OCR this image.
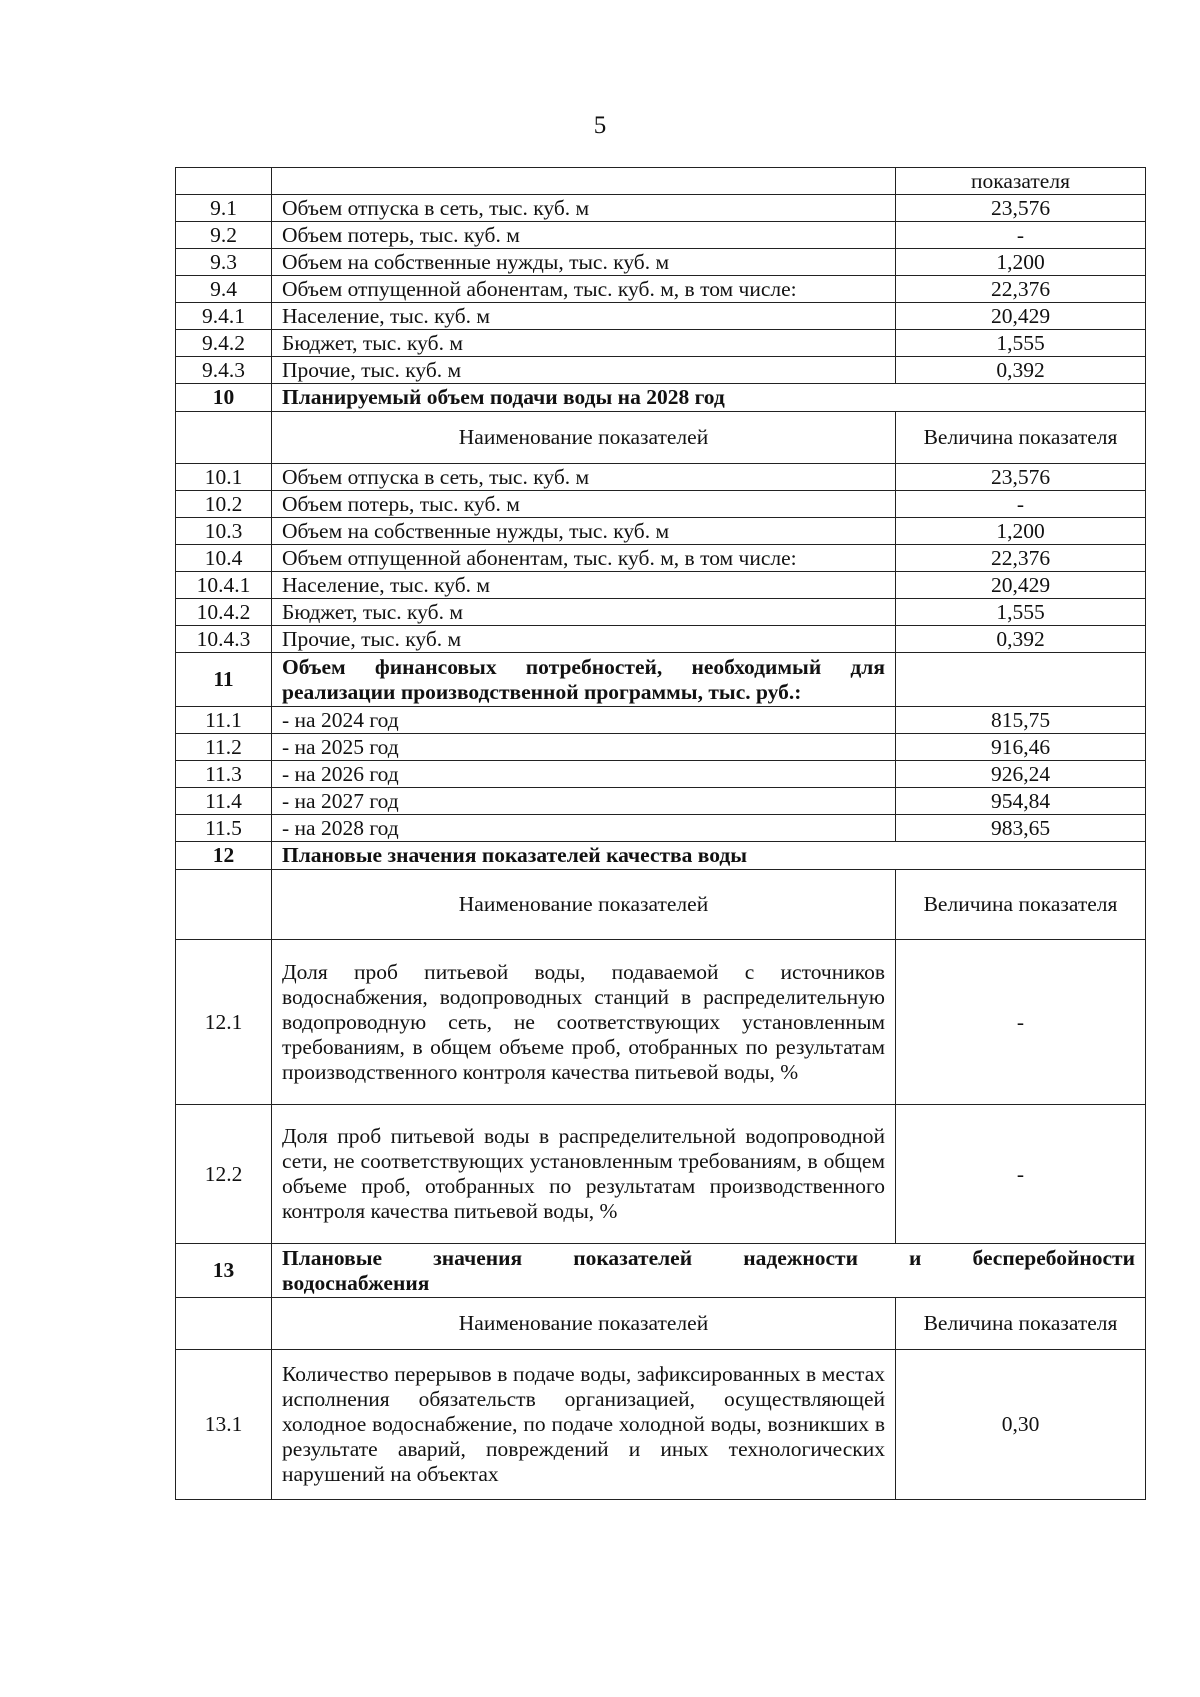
5
		показателя
9.1	Объем отпуска в сеть, тыс. куб. м	23,576
9.2	Объем потерь, тыс. куб. м	-
9.3	Объем на собственные нужды, тыс. куб. м	1,200
9.4	Объем отпущенной абонентам, тыс. куб. м, в том числе:	22,376
9.4.1	Население, тыс. куб. м	20,429
9.4.2	Бюджет, тыс. куб. м	1,555
9.4.3	Прочие, тыс. куб. м	0,392
10	Планируемый объем подачи воды на 2028 год	
	Наименование показателей	Величина показателя
10.1	Объем отпуска в сеть, тыс. куб. м	23,576
10.2	Объем потерь, тыс. куб. м	-
10.3	Объем на собственные нужды, тыс. куб. м	1,200
10.4	Объем отпущенной абонентам, тыс. куб. м, в том числе:	22,376
10.4.1	Население, тыс. куб. м	20,429
10.4.2	Бюджет, тыс. куб. м	1,555
10.4.3	Прочие, тыс. куб. м	0,392
11	Объем финансовых потребностей, необходимый для
реализации производственной программы, тыс. руб.:	

11.1	- на 2024 год	815,75
11.2	- на 2025 год	916,46
11.3	- на 2026 год	926,24
11.4	- на 2027 год	954,84
11.5	- на 2028 год	983,65
12	Плановые значения показателей качества воды	
	Наименование показателей	Величина показателя
12.1	Доля проб питьевой воды, подаваемой с источников водоснабжения, водопроводных станций в распределительную водопроводную сеть, не соответствующих установленным требованиям, в общем объеме проб, отобранных по результатам производственного контроля качества питьевой воды, %	-
12.2	Доля проб питьевой воды в распределительной водопроводной сети, не соответствующих установленным требованиям, в общем объеме проб, отобранных по результатам производственного контроля качества питьевой воды, %	-
13	Плановые значения показателей надежности и бесперебойности
водоснабжения	

	Наименование показателей	Величина показателя
13.1	Количество перерывов в подаче воды, зафиксированных в местах исполнения обязательств организацией, осуществляющей холодное водоснабжение, по подаче холодной воды, возникших в результате аварий, повреждений и иных технологических нарушений на объектах	0,30
